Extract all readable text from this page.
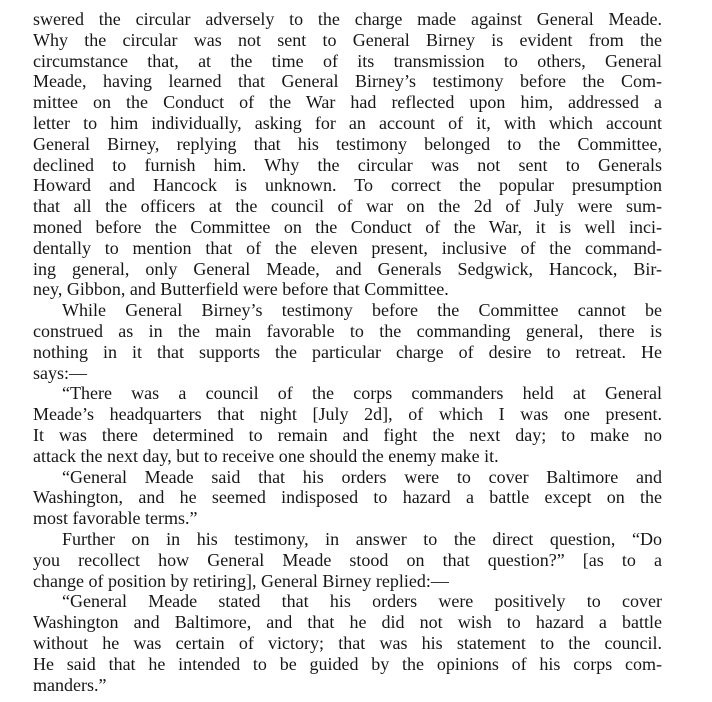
swered the circular adversely to the charge made against General Meade.
Why the circular was not sent to General Birney is evident from the
circumstance that, at the time of its transmission to others, General
Meade, having learned that General Birney’s testimony before the Com-
mittee on the Conduct of the War had reflected upon him, addressed a
letter to him individually, asking for an account of it, with which account
General Birney, replying that his testimony belonged to the Committee,
declined to furnish him. Why the circular was not sent to Generals
Howard and Hancock is unknown. To correct the popular presumption
that all the officers at the council of war on the 2d of July were sum-
moned before the Committee on the Conduct of the War, it is well inci-
dentally to mention that of the eleven present, inclusive of the command-
ing general, only General Meade, and Generals Sedgwick, Hancock, Bir-
ney, Gibbon, and Butterfield were before that Committee.
While General Birney’s testimony before the Committee cannot be
construed as in the main favorable to the commanding general, there is
nothing in it that supports the particular charge of desire to retreat. He
says:—
“There was a council of the corps commanders held at General
Meade’s headquarters that night [July 2d], of which I was one present.
It was there determined to remain and fight the next day; to make no
attack the next day, but to receive one should the enemy make it.
“General Meade said that his orders were to cover Baltimore and
Washington, and he seemed indisposed to hazard a battle except on the
most favorable terms.”
Further on in his testimony, in answer to the direct question, “Do
you recollect how General Meade stood on that question?” [as to a
change of position by retiring], General Birney replied:—
“General Meade stated that his orders were positively to cover
Washington and Baltimore, and that he did not wish to hazard a battle
without he was certain of victory; that was his statement to the council.
He said that he intended to be guided by the opinions of his corps com-
manders.”
